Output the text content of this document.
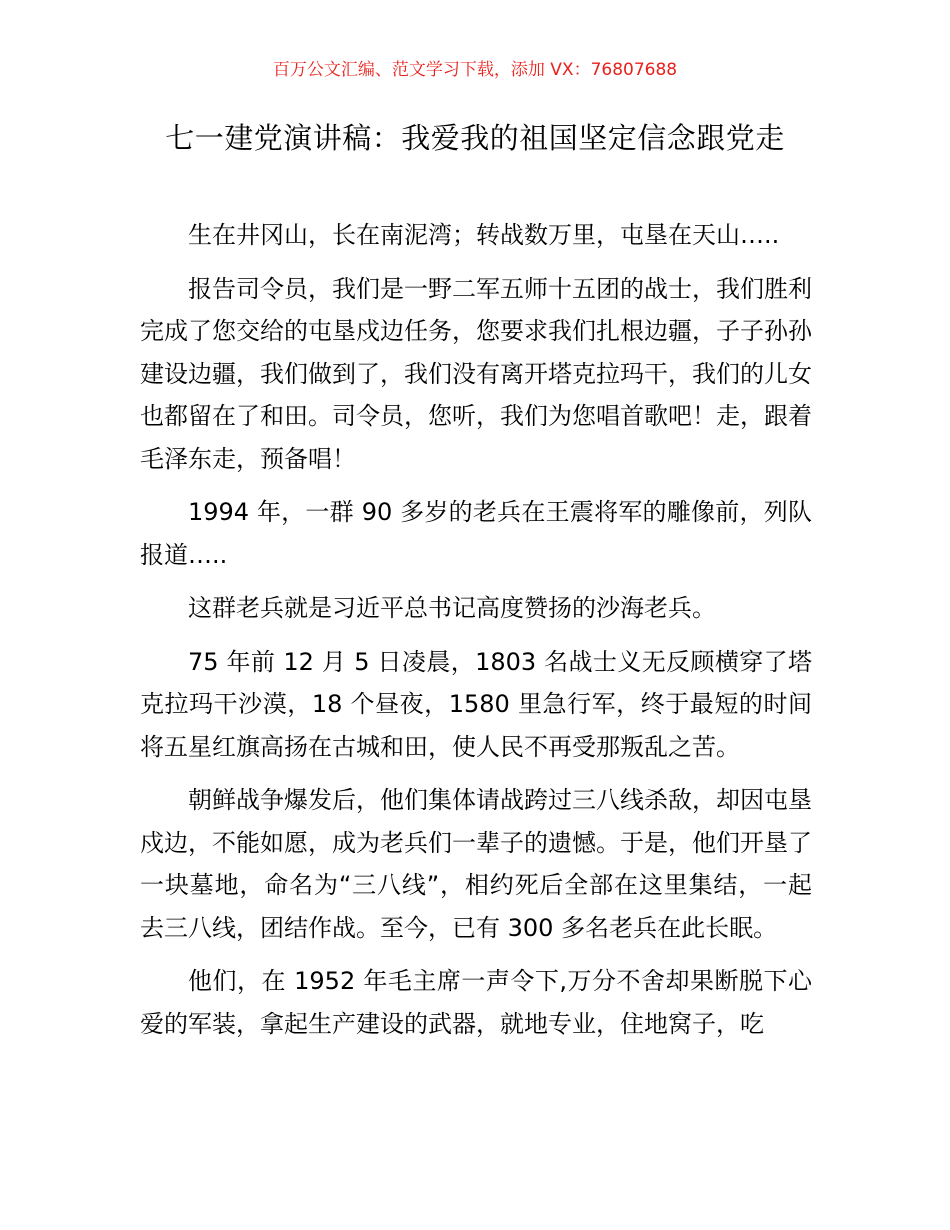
百万公文汇编、范文学习下载，添加 VX：76807688
七一建党演讲稿：我爱我的祖国坚定信念跟党走

生在井冈山，长在南泥湾；转战数万里，屯垦在天山…..

报告司令员，我们是一野二军五师十五团的战士，我们胜利完成了您交给的屯垦戍边任务，您要求我们扎根边疆，子子孙孙建设边疆，我们做到了，我们没有离开塔克拉玛干，我们的儿女也都留在了和田。司令员，您听，我们为您唱首歌吧！走，跟着毛泽东走，预备唱！

1994 年，一群 90 多岁的老兵在王震将军的雕像前，列队报道…..

这群老兵就是习近平总书记高度赞扬的沙海老兵。

75 年前 12 月 5 日凌晨，1803 名战士义无反顾横穿了塔克拉玛干沙漠，18 个昼夜，1580 里急行军，终于最短的时间将五星红旗高扬在古城和田，使人民不再受那叛乱之苦。

朝鲜战争爆发后，他们集体请战跨过三八线杀敌，却因屯垦戍边，不能如愿，成为老兵们一辈子的遗憾。于是，他们开垦了一块墓地，命名为“三八线”，相约死后全部在这里集结，一起去三八线，团结作战。至今，已有 300 多名老兵在此长眠。

他们，在 1952 年毛主席一声令下,万分不舍却果断脱下心爱的军装，拿起生产建设的武器，就地专业，住地窝子，吃
